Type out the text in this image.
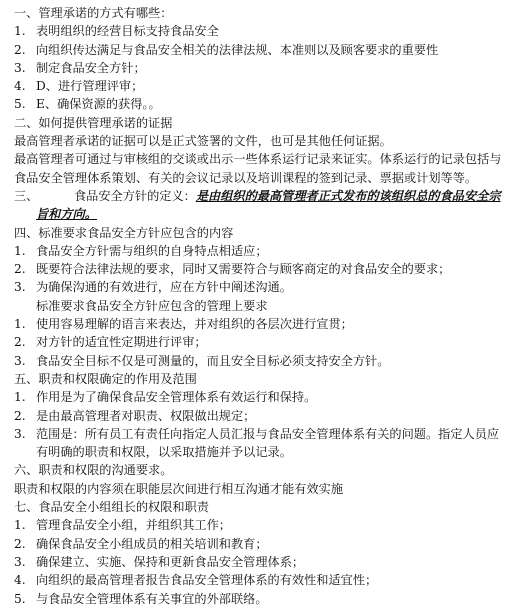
一、管理承诺的方式有哪些：
1. 表明组织的经营目标支持食品安全
2. 向组织传达满足与食品安全相关的法律法规、本准则以及顾客要求的重要性
3. 制定食品安全方针；
4. D、进行管理评审；
5. E、确保资源的获得。。
二、如何提供管理承诺的证据
最高管理者承诺的证据可以是正式签署的文件，也可是其他任何证据。
最高管理者可通过与审核组的交谈或出示一些体系运行记录来证实。体系运行的记录包括与
食品安全管理体系策划、有关的会议记录以及培训课程的签到记录、票据或计划等等。
三、	食品安全方针的定义：是由组织的最高管理者正式发布的该组织总的食品安全宗
旨和方向。
四、标准要求食品安全方针应包含的内容
1. 食品安全方针需与组织的自身特点相适应；
2. 既要符合法律法规的要求，同时又需要符合与顾客商定的对食品安全的要求；
3. 为确保沟通的有效进行，应在方针中阐述沟通。
标准要求食品安全方针应包含的管理上要求
1. 使用容易理解的语言来表达，并对组织的各层次进行宣贯；
2. 对方针的适宜性定期进行评审；
3. 食品安全目标不仅是可测量的，而且安全目标必须支持安全方针。
五、职责和权限确定的作用及范围
1. 作用是为了确保食品安全管理体系有效运行和保持。
2. 是由最高管理者对职责、权限做出规定；
3. 范围是：所有员工有责任向指定人员汇报与食品安全管理体系有关的问题。指定人员应
有明确的职责和权限，以采取措施并予以记录。
六、职责和权限的沟通要求。
职责和权限的内容须在职能层次间进行相互沟通才能有效实施
七、食品安全小组组长的权限和职责
1. 管理食品安全小组，并组织其工作；
2. 确保食品安全小组成员的相关培训和教育；
3. 确保建立、实施、保持和更新食品安全管理体系；
4. 向组织的最高管理者报告食品安全管理体系的有效性和适宜性；
5. 与食品安全管理体系有关事宜的外部联络。
